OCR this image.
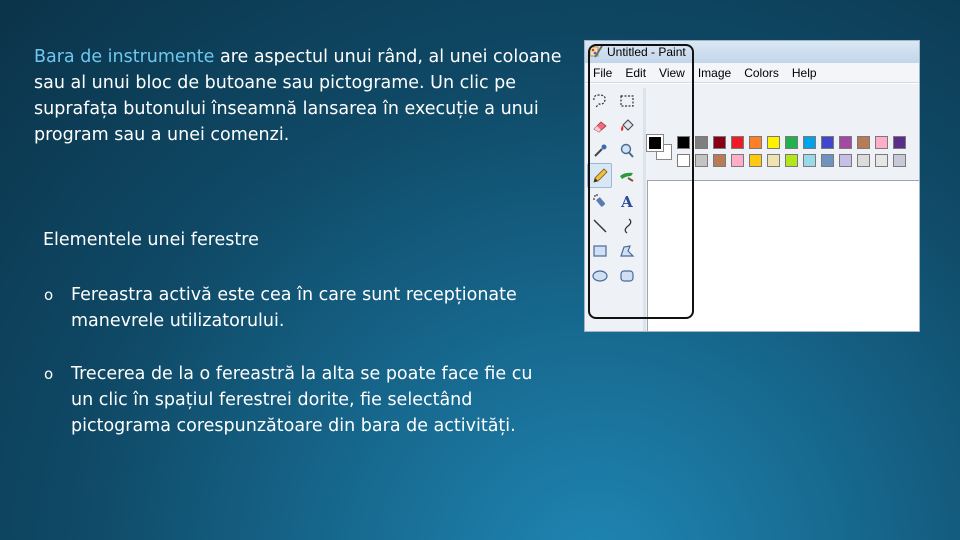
Bara de instrumente are aspectul unui rând, al unei coloane sau al unui bloc de butoane sau pictograme. Un clic pe suprafața butonului înseamnă lansarea în execuție a unui program sau a unei comenzi.
Elementele unei ferestre
o	Fereastra activă este cea în care sunt recepționate manevrele utilizatorului.
o	Trecerea de la o fereastră la alta se poate face fie cu un clic în spațiul ferestrei dorite, fie selectând pictograma corespunzătoare din bara de activități.
Untitled - Paint
File Edit View Image Colors Help
A
